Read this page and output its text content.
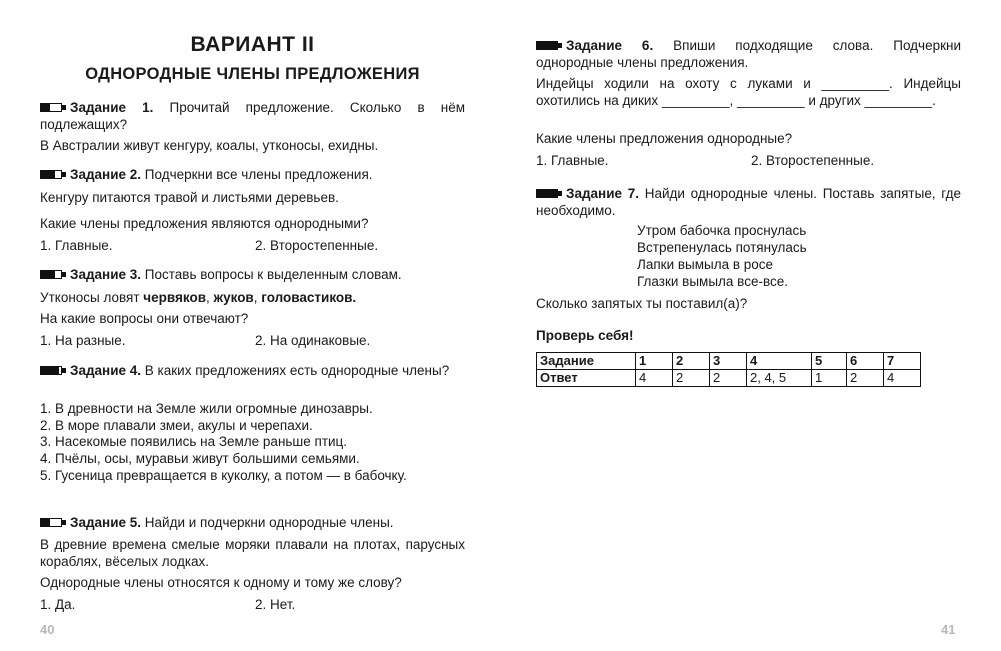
ВАРИАНТ II
ОДНОРОДНЫЕ ЧЛЕНЫ ПРЕДЛОЖЕНИЯ
Задание 1. Прочитай предложение. Сколько в нём подлежащих?
В Австралии живут кенгуру, коалы, утконосы, ехидны.
Задание 2. Подчеркни все члены предложения.
Кенгуру питаются травой и листьями деревьев.
Какие члены предложения являются однородными?
1. Главные.	2. Второстепенные.
Задание 3. Поставь вопросы к выделенным словам.
Утконосы ловят червяков, жуков, головастиков.
На какие вопросы они отвечают?
1. На разные.	2. На одинаковые.
Задание 4. В каких предложениях есть однородные члены?
1. В древности на Земле жили огромные динозавры.
2. В море плавали змеи, акулы и черепахи.
3. Насекомые появились на Земле раньше птиц.
4. Пчёлы, осы, муравьи живут большими семьями.
5. Гусеница превращается в куколку, а потом — в бабочку.
Задание 5. Найди и подчеркни однородные члены.
В древние времена смелые моряки плавали на плотах, парусных кораблях, вёселых лодках.
Однородные члены относятся к одному и тому же слову?
1. Да.	2. Нет.
40
Задание 6. Впиши подходящие слова. Подчеркни однородные члены предложения.
Индейцы ходили на охоту с луками и _________. Индейцы охотились на диких _________, _________ и других _________.
Какие члены предложения однородные?
1. Главные.	2. Второстепенные.
Задание 7. Найди однородные члены. Поставь запятые, где необходимо.
Утром бабочка проснулась
Встрепенулась потянулась
Лапки вымыла в росе
Глазки вымыла все-все.
Сколько запятых ты поставил(а)?
Проверь себя!
41
Задание	1	2	3	4	5	6	7
Ответ	4	2	2	2, 4, 5	1	2	4
